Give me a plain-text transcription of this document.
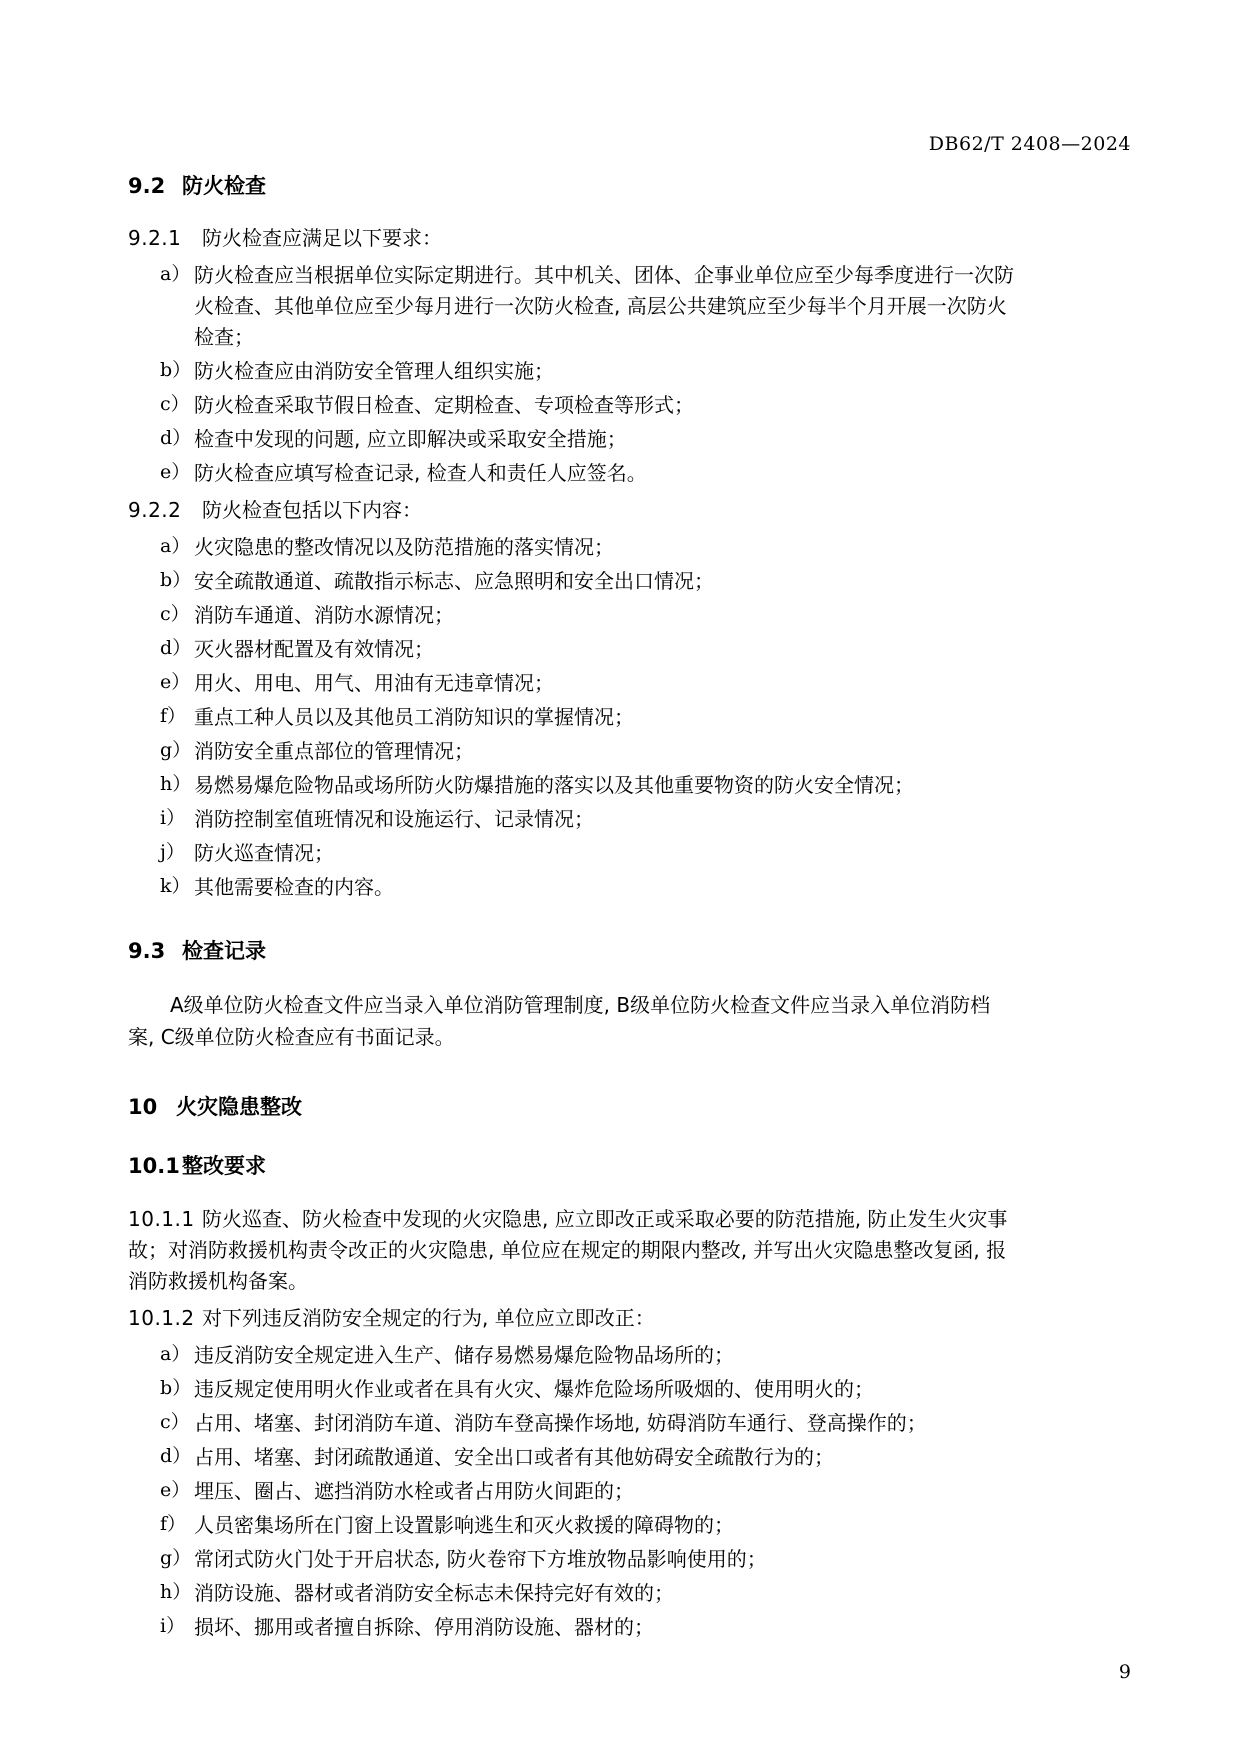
DB62/T 2408—2024
9.2 防火检查
9.2.1	防火检查应满足以下要求：
a） 防火检查应当根据单位实际定期进行。其中机关、团体、企事业单位应至少每季度进行一次防火检查、其他单位应至少每月进行一次防火检查, 高层公共建筑应至少每半个月开展一次防火检查；
b） 防火检查应由消防安全管理人组织实施；
c） 防火检查采取节假日检查、定期检查、专项检查等形式；
d） 检查中发现的问题, 应立即解决或采取安全措施；
e） 防火检查应填写检查记录, 检查人和责任人应签名。
9.2.2	防火检查包括以下内容：
a） 火灾隐患的整改情况以及防范措施的落实情况；
b） 安全疏散通道、疏散指示标志、应急照明和安全出口情况；
c） 消防车通道、消防水源情况；
d） 灭火器材配置及有效情况；
e） 用火、用电、用气、用油有无违章情况；
f） 重点工种人员以及其他员工消防知识的掌握情况；
g） 消防安全重点部位的管理情况；
h） 易燃易爆危险物品或场所防火防爆措施的落实以及其他重要物资的防火安全情况；
i） 消防控制室值班情况和设施运行、记录情况；
j） 防火巡查情况；
k） 其他需要检查的内容。
9.3 检查记录
A级单位防火检查文件应当录入单位消防管理制度, B级单位防火检查文件应当录入单位消防档案, C级单位防火检查应有书面记录。
10 火灾隐患整改
10.1 整改要求
10.1.1 防火巡查、防火检查中发现的火灾隐患, 应立即改正或采取必要的防范措施, 防止发生火灾事故；对消防救援机构责令改正的火灾隐患, 单位应在规定的期限内整改, 并写出火灾隐患整改复函, 报消防救援机构备案。
10.1.2 对下列违反消防安全规定的行为, 单位应立即改正：
a） 违反消防安全规定进入生产、储存易燃易爆危险物品场所的；
b） 违反规定使用明火作业或者在具有火灾、爆炸危险场所吸烟的、使用明火的；
c） 占用、堵塞、封闭消防车道、消防车登高操作场地, 妨碍消防车通行、登高操作的；
d） 占用、堵塞、封闭疏散通道、安全出口或者有其他妨碍安全疏散行为的；
e） 埋压、圈占、遮挡消防水栓或者占用防火间距的；
f） 人员密集场所在门窗上设置影响逃生和灭火救援的障碍物的；
g） 常闭式防火门处于开启状态, 防火卷帘下方堆放物品影响使用的；
h） 消防设施、器材或者消防安全标志未保持完好有效的；
i） 损坏、挪用或者擅自拆除、停用消防设施、器材的；
9
